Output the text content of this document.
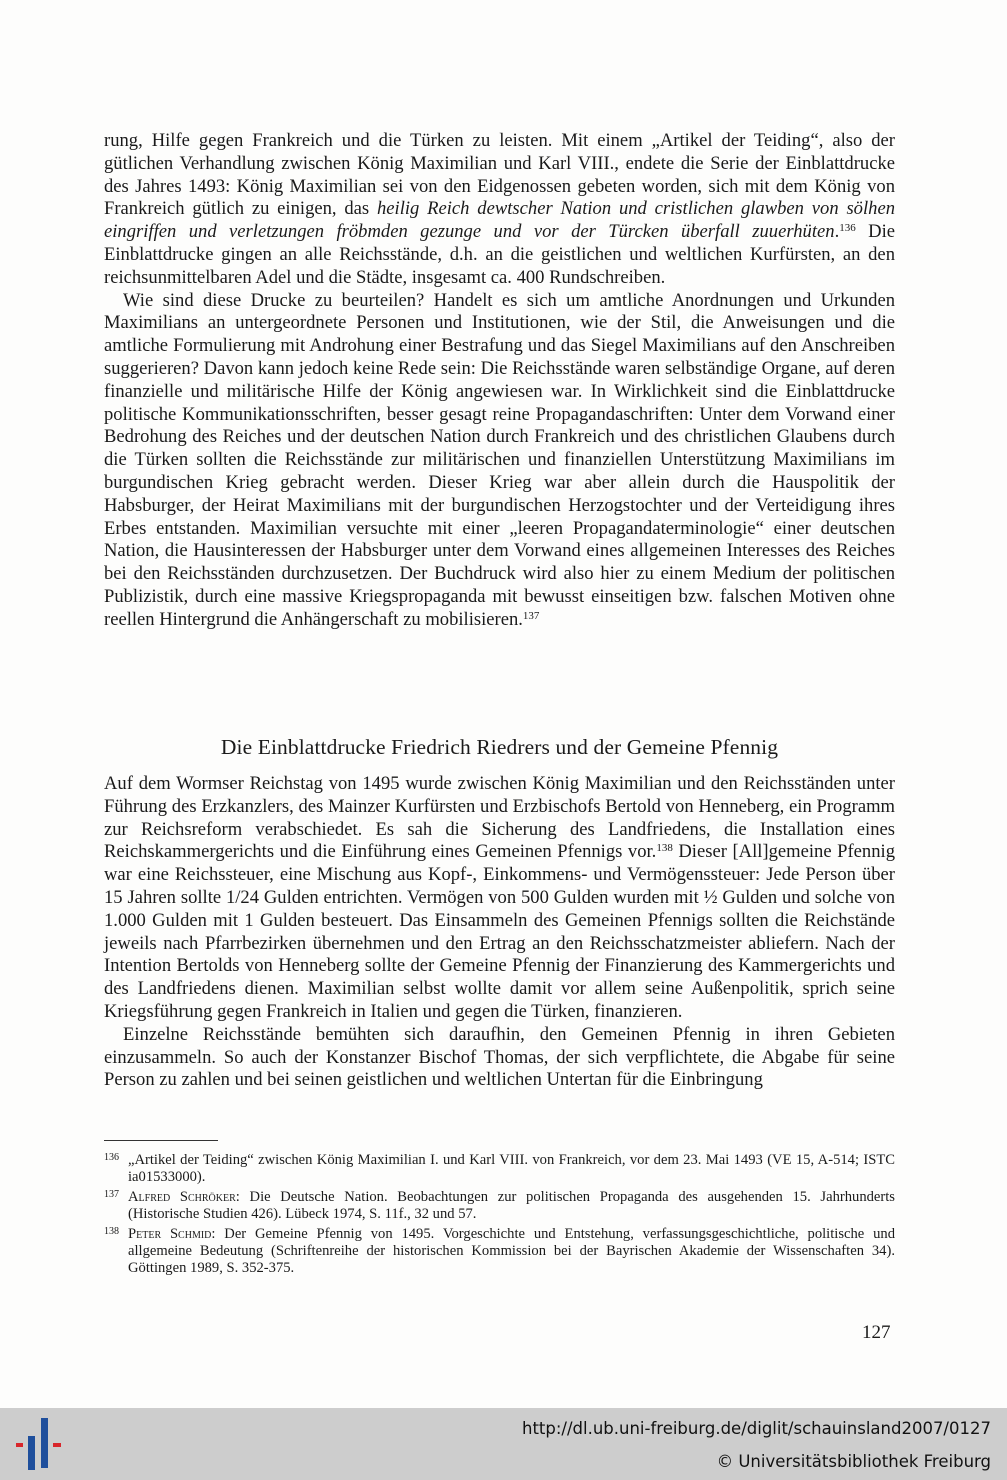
rung, Hilfe gegen Frankreich und die Türken zu leisten. Mit einem „Artikel der Teiding“, also der gütlichen Verhandlung zwischen König Maximilian und Karl VIII., endete die Serie der Einblattdrucke des Jahres 1493: König Maximilian sei von den Eidgenossen gebeten worden, sich mit dem König von Frankreich gütlich zu einigen, das heilig Reich dewtscher Nation und cristlichen glawben von sölhen eingriffen und verletzungen fröbmden gezunge und vor der Türcken überfall zuuerhüten.$^{136}$ Die Einblattdrucke gingen an alle Reichsstände, d.h. an die geistlichen und weltlichen Kurfürsten, an den reichsunmittelbaren Adel und die Städte, insgesamt ca. 400 Rundschreiben.

Wie sind diese Drucke zu beurteilen? Handelt es sich um amtliche Anordnungen und Urkunden Maximilians an untergeordnete Personen und Institutionen, wie der Stil, die Anweisungen und die amtliche Formulierung mit Androhung einer Bestrafung und das Siegel Maximilians auf den Anschreiben suggerieren? Davon kann jedoch keine Rede sein: Die Reichsstände waren selbständige Organe, auf deren finanzielle und militärische Hilfe der König angewiesen war. In Wirklichkeit sind die Einblattdrucke politische Kommunikationsschriften, besser gesagt reine Propagandaschriften: Unter dem Vorwand einer Bedrohung des Reiches und der deutschen Nation durch Frankreich und des christlichen Glaubens durch die Türken sollten die Reichsstände zur militärischen und finanziellen Unterstützung Maximilians im burgundischen Krieg gebracht werden. Dieser Krieg war aber allein durch die Hauspolitik der Habsburger, der Heirat Maximilians mit der burgundischen Herzogstochter und der Verteidigung ihres Erbes entstanden. Maximilian versuchte mit einer „leeren Propagandaterminologie“ einer deutschen Nation, die Hausinteressen der Habsburger unter dem Vorwand eines allgemeinen Interesses des Reiches bei den Reichsständen durchzusetzen. Der Buchdruck wird also hier zu einem Medium der politischen Publizistik, durch eine massive Kriegspropaganda mit bewusst einseitigen bzw. falschen Motiven ohne reellen Hintergrund die Anhängerschaft zu mobilisieren.$^{137}$

Die Einblattdrucke Friedrich Riedrers und der Gemeine Pfennig

Auf dem Wormser Reichstag von 1495 wurde zwischen König Maximilian und den Reichsständen unter Führung des Erzkanzlers, des Mainzer Kurfürsten und Erzbischofs Bertold von Henneberg, ein Programm zur Reichsreform verabschiedet. Es sah die Sicherung des Landfriedens, die Installation eines Reichskammergerichts und die Einführung eines Gemeinen Pfennigs vor.$^{138}$ Dieser [All]gemeine Pfennig war eine Reichssteuer, eine Mischung aus Kopf-, Einkommens- und Vermögenssteuer: Jede Person über 15 Jahren sollte 1/24 Gulden entrichten. Vermögen von 500 Gulden wurden mit ½ Gulden und solche von 1.000 Gulden mit 1 Gulden besteuert. Das Einsammeln des Gemeinen Pfennigs sollten die Reichstände jeweils nach Pfarrbezirken übernehmen und den Ertrag an den Reichsschatzmeister abliefern. Nach der Intention Bertolds von Henneberg sollte der Gemeine Pfennig der Finanzierung des Kammergerichts und des Landfriedens dienen. Maximilian selbst wollte damit vor allem seine Außenpolitik, sprich seine Kriegsführung gegen Frankreich in Italien und gegen die Türken, finanzieren.

Einzelne Reichsstände bemühten sich daraufhin, den Gemeinen Pfennig in ihren Gebieten einzusammeln. So auch der Konstanzer Bischof Thomas, der sich verpflichtete, die Abgabe für seine Person zu zahlen und bei seinen geistlichen und weltlichen Untertan für die Einbringung

136 „Artikel der Teiding“ zwischen König Maximilian I. und Karl VIII. von Frankreich, vor dem 23. Mai 1493 (VE 15, A-514; ISTC ia01533000).

137 Alfred Schröker: Die Deutsche Nation. Beobachtungen zur politischen Propaganda des ausgehenden 15. Jahrhunderts (Historische Studien 426). Lübeck 1974, S. 11f., 32 und 57.

138 Peter Schmid: Der Gemeine Pfennig von 1495. Vorgeschichte und Entstehung, verfassungsgeschichtliche, politische und allgemeine Bedeutung (Schriftenreihe der historischen Kommission bei der Bayrischen Akademie der Wissenschaften 34). Göttingen 1989, S. 352-375.

127
http://dl.ub.uni-freiburg.de/diglit/schauinsland2007/0127
© Universitätsbibliothek Freiburg
